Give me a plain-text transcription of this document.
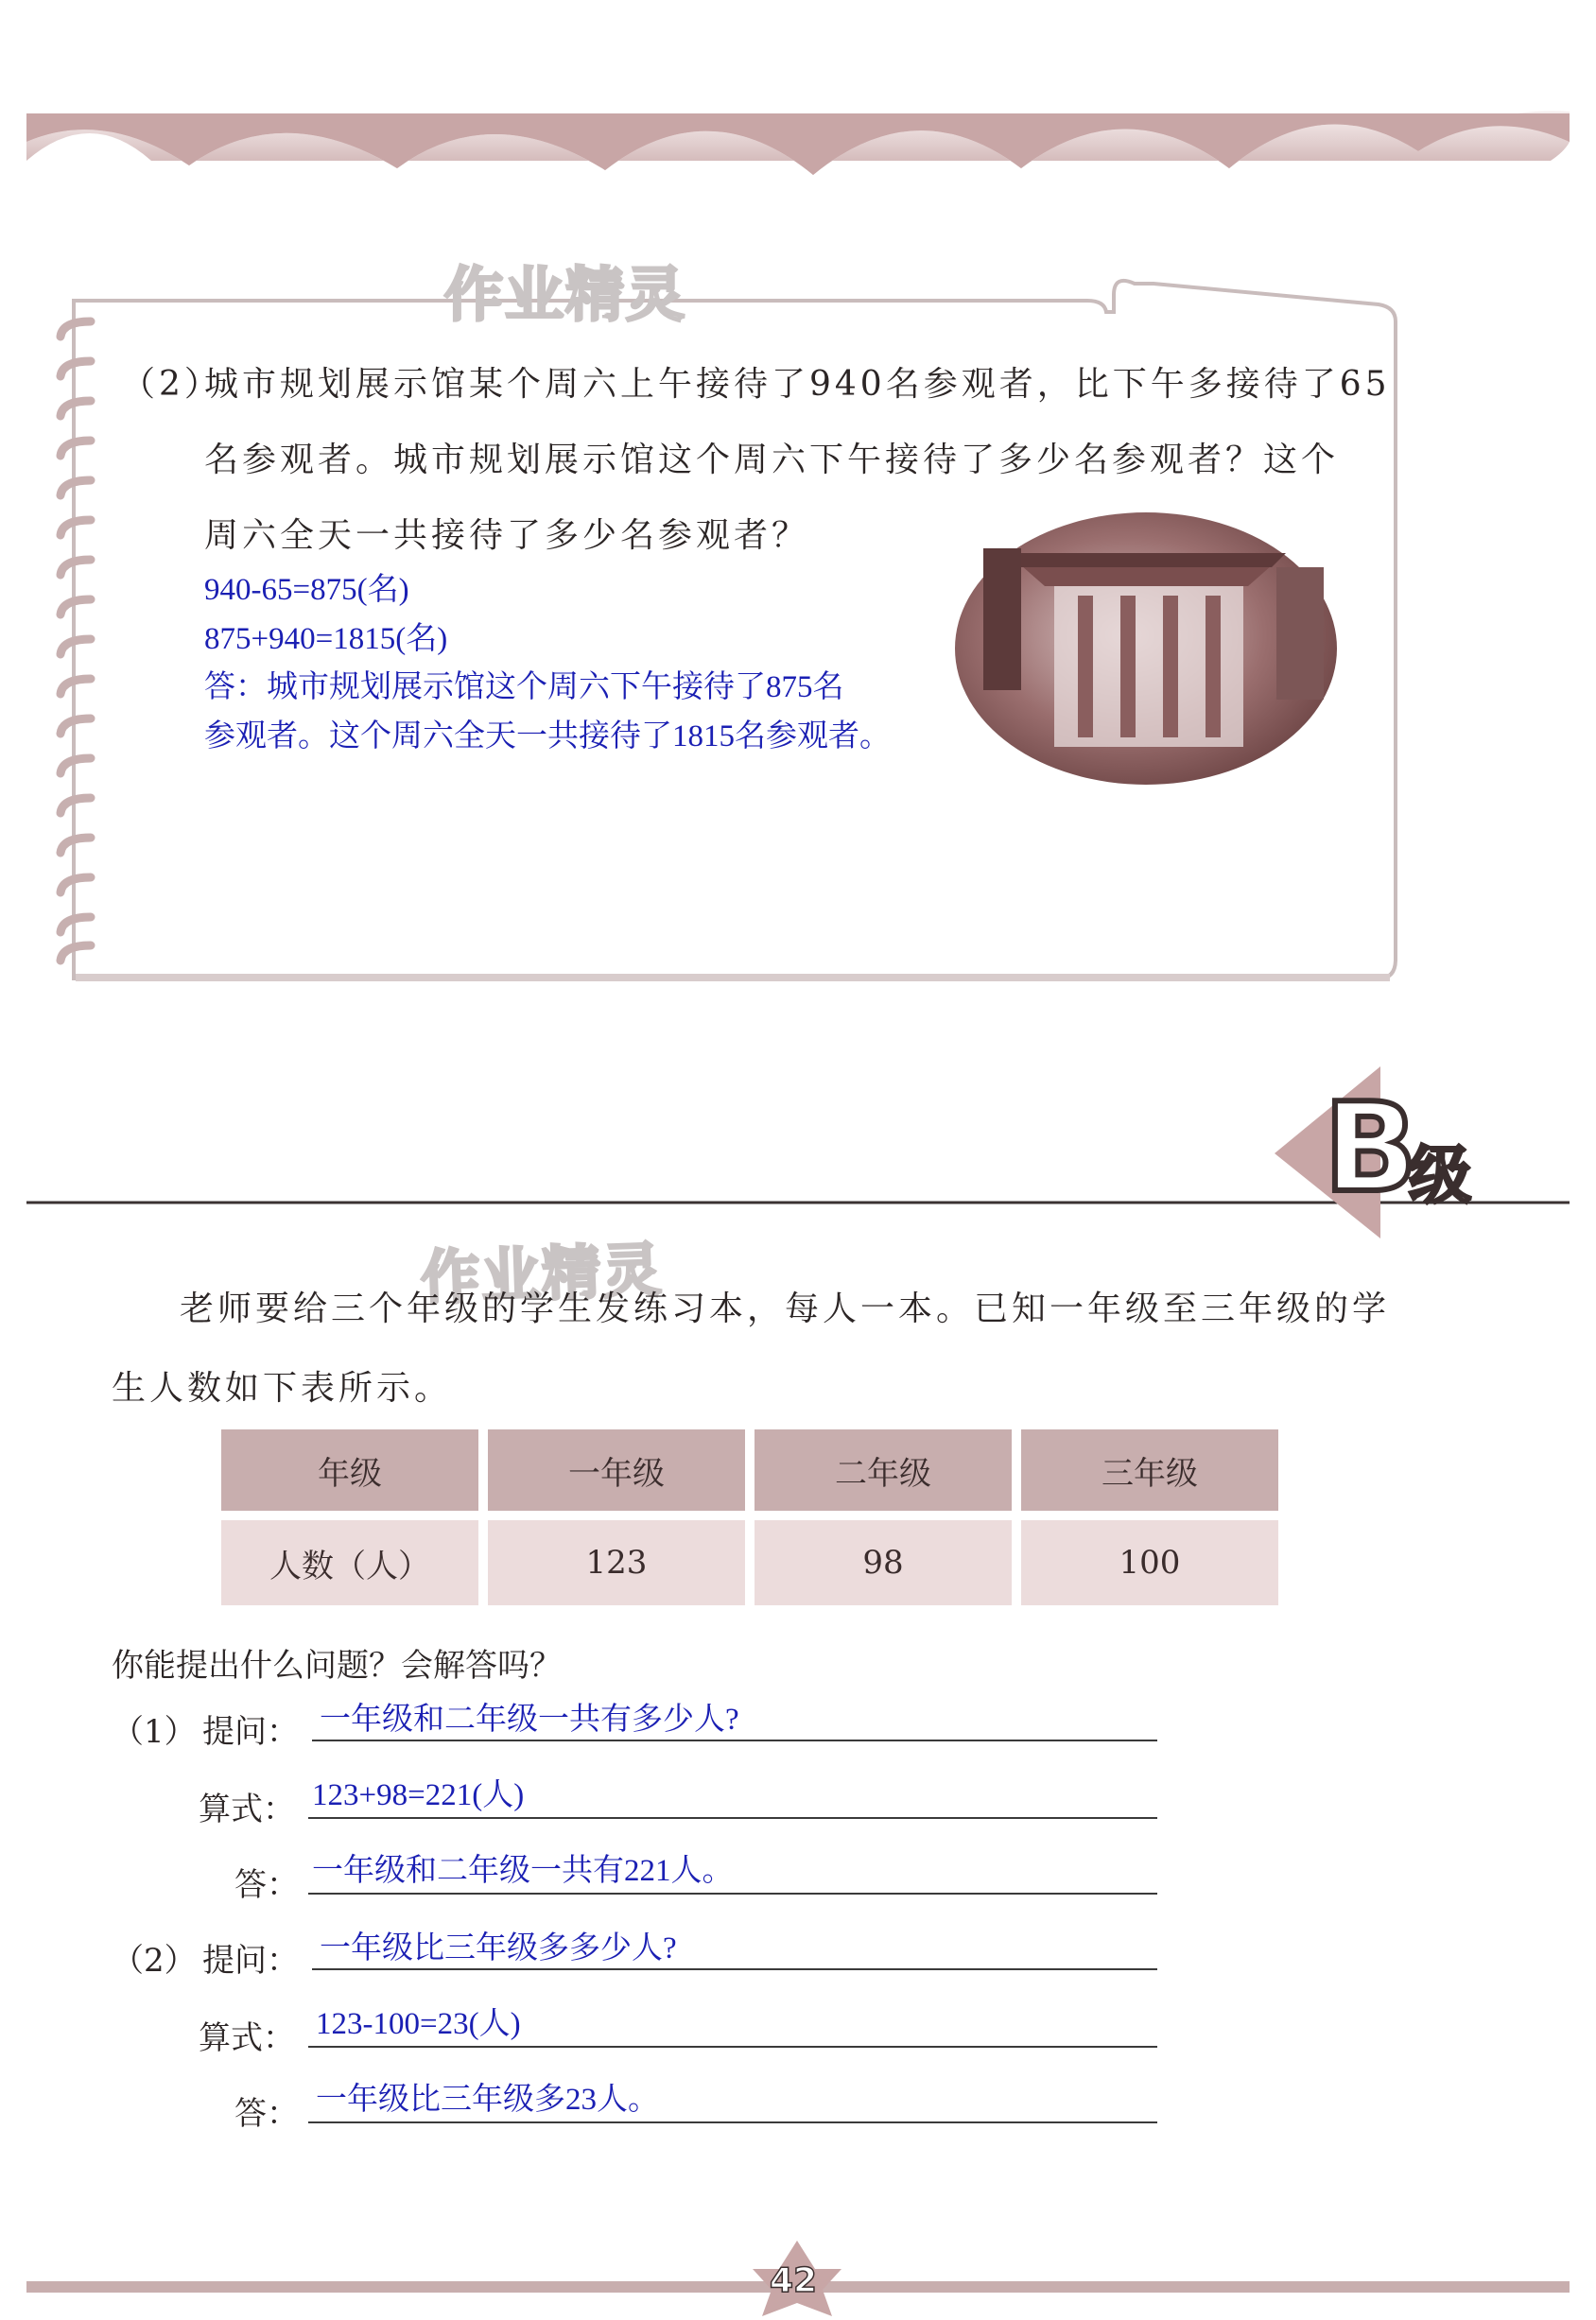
作业精灵
作业精灵
（2）
城市规划展示馆某个周六上午接待了940名参观者，比下午多接待了65
名参观者。城市规划展示馆这个周六下午接待了多少名参观者？这个
周六全天一共接待了多少名参观者？
940-65=875(名)
875+940=1815(名)
答：城市规划展示馆这个周六下午接待了875名
参观者。这个周六全天一共接待了1815名参观者。
B
级
老师要给三个年级的学生发练习本，每人一本。已知一年级至三年级的学
生人数如下表所示。
年级	一年级	二年级	三年级
人数（人）	123	98	100
你能提出什么问题？会解答吗？
（1） 提问： 一年级和二年级一共有多少人?
算式： 123+98=221(人)
答： 一年级和二年级一共有221人。
（2） 提问： 一年级比三年级多多少人?
算式： 123-100=23(人)
答： 一年级比三年级多23人。
42
